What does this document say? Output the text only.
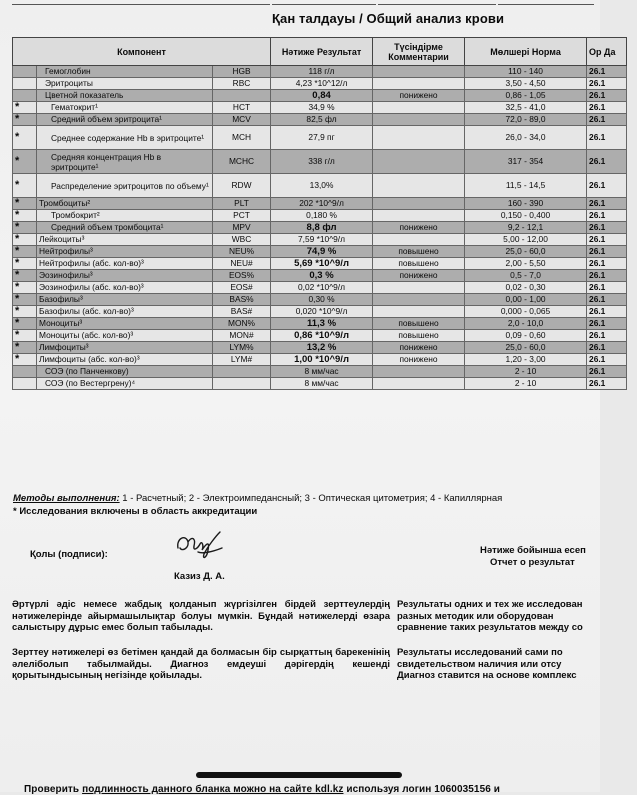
Қан талдауы / Общий анализ крови
Компонент			Нәтиже Результат	Түсіндірме Комментарии	Мөлшері Норма	Ор Да
	Гемоглобин	HGB	118 г/л		110 - 140	26.1
	Эритроциты	RBC	4,23 *10^12/л		3,50 - 4,50	26.1
	Цветной показатель		0,84	понижено	0,86 - 1,05	26.1
*	Гематокрит¹	HCT	34,9 %		32,5 - 41,0	26.1
*	Средний объем эритроцита¹	MCV	82,5 фл		72,0 - 89,0	26.1
*	Среднее содержание Hb в эритроците¹	MCH	27,9 пг		26,0 - 34,0	26.1
*	Средняя концентрация Hb в эритроците¹	MCHC	338 г/л		317 - 354	26.1
*	Распределение эритроцитов по объему¹	RDW	13,0%		11,5 - 14,5	26.1
*	Тромбоциты²	PLT	202 *10^9/л		160 - 390	26.1
*	Тромбокрит²	PCT	0,180 %		0,150 - 0,400	26.1
*	Средний объем тромбоцита¹	MPV	8,8 фл	понижено	9,2 - 12,1	26.1
*	Лейкоциты³	WBC	7,59 *10^9/л		5,00 - 12,00	26.1
*	Нейтрофилы³	NEU%	74,9 %	повышено	25,0 - 60,0	26.1
*	Нейтрофилы (абс. кол-во)³	NEU#	5,69 *10^9/л	повышено	2,00 - 5,50	26.1
*	Эозинофилы³	EOS%	0,3 %	понижено	0,5 - 7,0	26.1
*	Эозинофилы (абс. кол-во)³	EOS#	0,02 *10^9/л		0,02 - 0,30	26.1
*	Базофилы³	BAS%	0,30 %		0,00 - 1,00	26.1
*	Базофилы (абс. кол-во)³	BAS#	0,020 *10^9/л		0,000 - 0,065	26.1
*	Моноциты³	MON%	11,3 %	повышено	2,0 - 10,0	26.1
*	Моноциты (абс. кол-во)³	MON#	0,86 *10^9/л	повышено	0,09 - 0,60	26.1
*	Лимфоциты³	LYM%	13,2 %	понижено	25,0 - 60,0	26.1
*	Лимфоциты (абс. кол-во)³	LYM#	1,00 *10^9/л	понижено	1,20 - 3,00	26.1
	СОЭ (по Панченкову)		8 мм/час		2 - 10	26.1
	СОЭ (по Вестергрену)⁴		8 мм/час		2 - 10	26.1
Методы выполнения: 1 - Расчетный; 2 - Электроимпедансный; 3 - Оптическая цитометрия; 4 - Капиллярная
* Исследования включены в область аккредитации
Қолы (подписи):
Казиз Д. А.
Нәтиже бойынша есеп
Отчет о результат
Әртүрлі әдіс немесе жабдық қолданып жүргізілген бірдей зерттеулердің нәтижелерінде айырмашылықтар болуы мүмкін. Бұндай нәтижелерді өзара салыстыру дұрыс емес болып табылады.
Зерттеу нәтижелері өз бетімен қандай да болмасын бір сырқаттың барекенінің әлеліболып табылмайды. Диагноз емдеуші дәрігердің кешенді қорытындысының негізінде қойылады.
Результаты одних и тех же исследован
разных методик или оборудован
сравнение таких результатов между со
Результаты исследований сами по
свидетельством наличия или отсу
Диагноз ставится на основе комплекс
Проверить подлинность данного бланка можно на сайте kdl.kz используя логин 1060035156 и
